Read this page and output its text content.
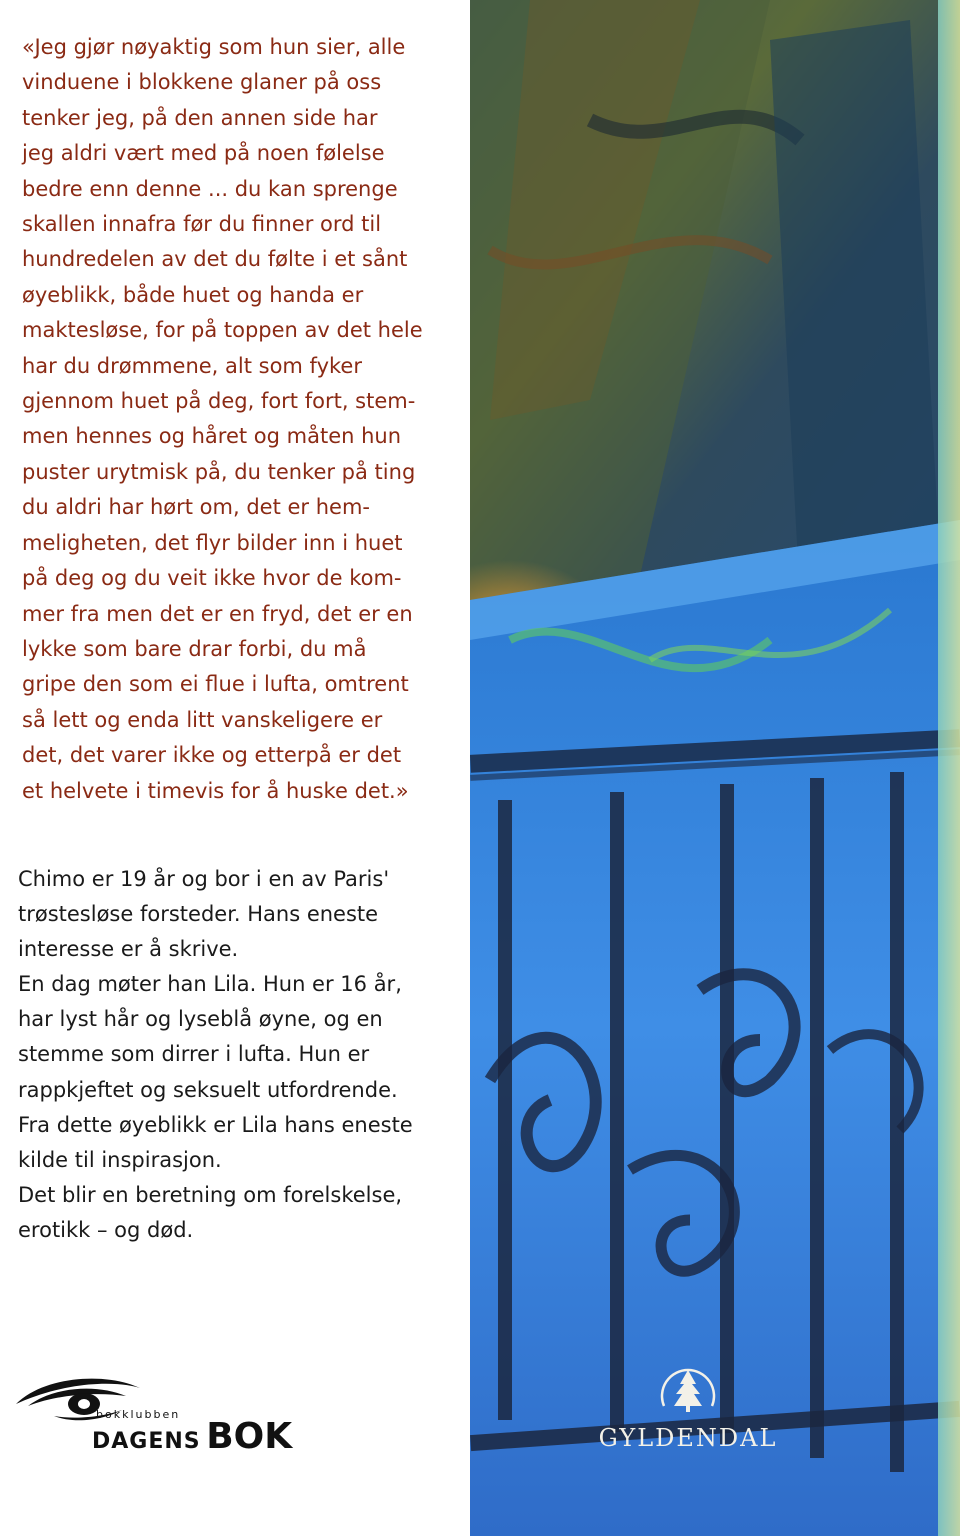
«Jeg gjør nøyaktig som hun sier, alle
vinduene i blokkene glaner på oss
tenker jeg, på den annen side har
jeg aldri vært med på noen følelse
bedre enn denne ... du kan sprenge
skallen innafra før du finner ord til
hundredelen av det du følte i et sånt
øyeblikk, både huet og handa er
maktesløse, for på toppen av det hele
har du drømmene, alt som fyker
gjennom huet på deg, fort fort, stem-
men hennes og håret og måten hun
puster urytmisk på, du tenker på ting
du aldri har hørt om, det er hem-
meligheten, det flyr bilder inn i huet
på deg og du veit ikke hvor de kom-
mer fra men det er en fryd, det er en
lykke som bare drar forbi, du må
gripe den som ei flue i lufta, omtrent
så lett og enda litt vanskeligere er
det, det varer ikke og etterpå er det
et helvete i timevis for å huske det.»

Chimo er 19 år og bor i en av Paris'
trøstesløse forsteder. Hans eneste
interesse er å skrive.
En dag møter han Lila. Hun er 16 år,
har lyst hår og lyseblå øyne, og en
stemme som dirrer i lufta. Hun er
rappkjeftet og seksuelt utfordrende.
Fra dette øyeblikk er Lila hans eneste
kilde til inspirasjon.
Det blir en beretning om forelskelse,
erotikk – og død.

bokklubben
DAGENS BOK	GYLDENDAL
